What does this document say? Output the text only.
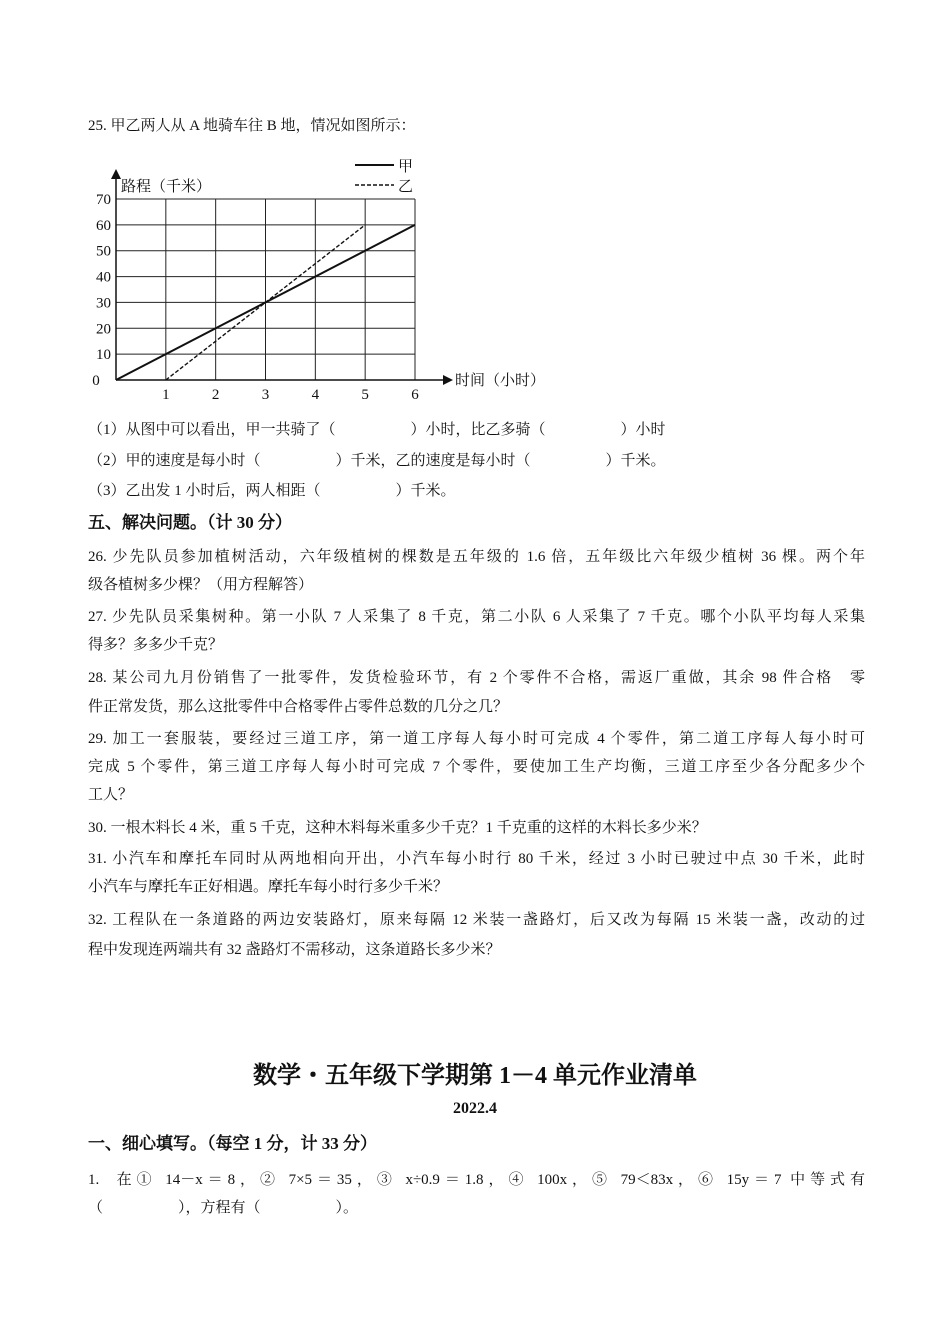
25. 甲乙两人从 A 地骑车往 B 地，情况如图所示：
0
1	2	3	4	5	6
10
20
30
40
50
60
70
路程（千米）
时间（小时）
甲
乙
（1）从图中可以看出，甲一共骑了（　　　　　）小时，比乙多骑（　　　　　）小时
（2）甲的速度是每小时（　　　　　）千米，乙的速度是每小时（　　　　　）千米。
（3）乙出发 1 小时后，两人相距（　　　　　）千米。
五、解决问题。（计 30 分）
数学・五年级下学期第 1－4 单元作业清单
2022.4
一、细心填写。（每空 1 分，计 33 分）
1.  在① 14－x＝8，② 7×5＝35，③ x÷0.9＝1.8，④ 100x，⑤ 79＜83x，⑥ 15y＝7 中等式有
（　　　　　），方程有（　　　　　）。
26. 少先队员参加植树活动，六年级植树的棵数是五年级的 1.6 倍，五年级比六年级少植树 36 棵。两个年
级各植树多少棵？（用方程解答）
27. 少先队员采集树种。第一小队 7 人采集了 8 千克，第二小队 6 人采集了 7 千克。哪个小队平均每人采集
得多？多多少千克？
28. 某公司九月份销售了一批零件，发货检验环节，有 2 个零件不合格，需返厂重做，其余 98 件合格　零
件正常发货，那么这批零件中合格零件占零件总数的几分之几？
29. 加工一套服装，要经过三道工序，第一道工序每人每小时可完成 4 个零件，第二道工序每人每小时可
完成 5 个零件，第三道工序每人每小时可完成 7 个零件，要使加工生产均衡，三道工序至少各分配多少个
工人？
30. 一根木料长 4 米，重 5 千克，这种木料每米重多少千克？1 千克重的这样的木料长多少米？
31. 小汽车和摩托车同时从两地相向开出，小汽车每小时行 80 千米，经过 3 小时已驶过中点 30 千米，此时
小汽车与摩托车正好相遇。摩托车每小时行多少千米？
32. 工程队在一条道路的两边安装路灯，原来每隔 12 米装一盏路灯，后又改为每隔 15 米装一盏，改动的过
程中发现连两端共有 32 盏路灯不需移动，这条道路长多少米？
